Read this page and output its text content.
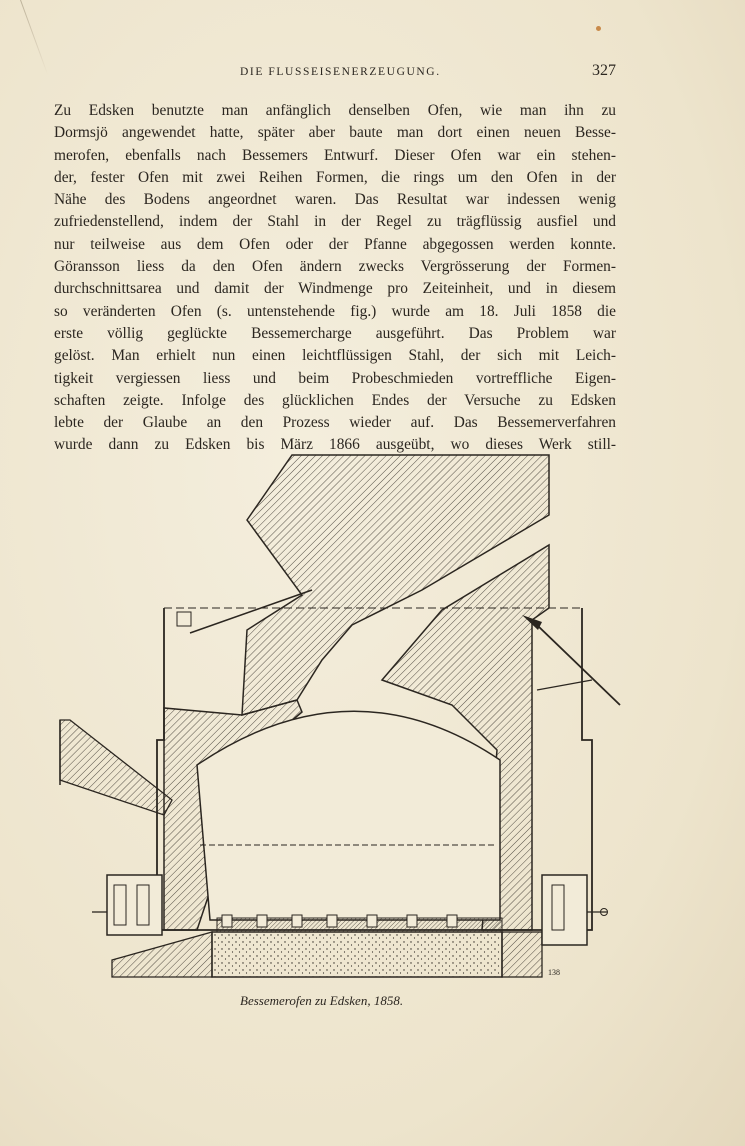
DIE FLUSSEISENERZEUGUNG.	327
Zu Edsken benutzte man anfänglich denselben Ofen, wie man ihn zu
Dormsjö angewendet hatte, später aber baute man dort einen neuen Besse-
merofen, ebenfalls nach Bessemers Entwurf. Dieser Ofen war ein stehen-
der, fester Ofen mit zwei Reihen Formen, die rings um den Ofen in der
Nähe des Bodens angeordnet waren. Das Resultat war indessen wenig
zufriedenstellend, indem der Stahl in der Regel zu trägflüssig ausfiel und
nur teilweise aus dem Ofen oder der Pfanne abgegossen werden konnte.
Göransson liess da den Ofen ändern zwecks Vergrösserung der Formen-
durchschnittsarea und damit der Windmenge pro Zeiteinheit, und in diesem
so veränderten Ofen (s. untenstehende fig.) wurde am 18. Juli 1858 die
erste völlig geglückte Bessemercharge ausgeführt. Das Problem war
gelöst. Man erhielt nun einen leichtflüssigen Stahl, der sich mit Leich-
tigkeit vergiessen liess und beim Probeschmieden vortreffliche Eigen-
schaften zeigte. Infolge des glücklichen Endes der Versuche zu Edsken
lebte der Glaube an den Prozess wieder auf. Das Bessemerverfahren
wurde dann zu Edsken bis März 1866 ausgeübt, wo dieses Werk still-
138
Bessemerofen zu Edsken, 1858.
